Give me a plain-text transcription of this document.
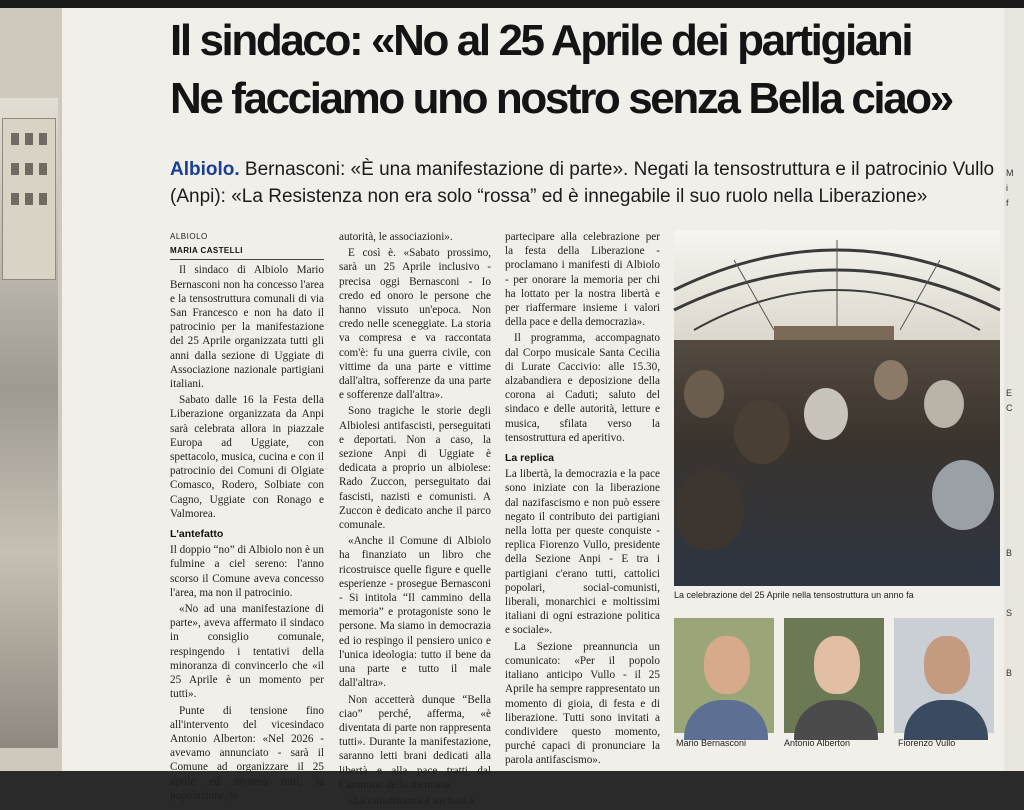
M
i
f
E
C
B
S
B
Il sindaco: «No al 25 Aprile dei partigiani
Ne facciamo uno nostro senza Bella ciao»
Albiolo. Bernasconi: «È una manifestazione di parte». Negati la tensostruttura e il patrocinio Vullo (Anpi): «La Resistenza non era solo “rossa” ed è innegabile il suo ruolo nella Liberazione»
ALBIOLO
MARIA CASTELLI

Il sindaco di Albiolo Mario Bernasconi non ha concesso l'area e la tensostruttura comunali di via San Francesco e non ha dato il patrocinio per la manifestazione del 25 Aprile organizzata tutti gli anni dalla sezione di Uggiate di Associazione nazionale partigiani italiani.

Sabato dalle 16 la Festa della Liberazione organizzata da Anpi sarà celebrata allora in piazzale Europa ad Uggiate, con spettacolo, musica, cucina e con il patrocinio dei Comuni di Olgiate Comasco, Rodero, Solbiate con Cagno, Uggiate con Ronago e Valmorea.

L'antefatto

Il doppio “no” di Albiolo non è un fulmine a ciel sereno: l'anno scorso il Comune aveva concesso l'area, ma non il patrocinio.

«No ad una manifestazione di parte», aveva affermato il sindaco in consiglio comunale, respingendo i tentativi della minoranza di convincerlo che «il 25 Aprile è un momento per tutti».

Punte di tensione fino all'intervento del vicesindaco Antonio Alberton: «Nel 2026 - avevamo annunciato - sarà il Comune ad organizzare il 25 aprile ed inviterà tutti, la popolazione, le

autorità, le associazioni».

E così è. «Sabato prossimo, sarà un 25 Aprile inclusivo - precisa oggi Bernasconi - Io credo ed onoro le persone che hanno vissuto un'epoca. Non credo nelle sceneggiate. La storia va compresa e va raccontata com'è: fu una guerra civile, con vittime da una parte e vittime dall'altra, sofferenze da una parte e sofferenze dall'altra».

Sono tragiche le storie degli Albiolesi antifascisti, perseguitati e deportati. Non a caso, la sezione Anpi di Uggiate è dedicata a proprio un albiolese: Rado Zuccon, perseguitato dai fascisti, nazisti e comunisti. A Zuccon è dedicato anche il parco comunale.

«Anche il Comune di Albiolo ha finanziato un libro che ricostruisce quelle figure e quelle esperienze - prosegue Bernasconi - Si intitola “Il cammino della memoria” e protagoniste sono le persone. Ma siamo in democrazia ed io respingo il pensiero unico e l'unica ideologia: tutto il bene da una parte e tutto il male dall'altra».

Non accetterà dunque “Bella ciao” perché, afferma, «è diventata di parte non rappresenta tutti». Durante la manifestazione, saranno letti brani dedicati alla libertà e alla pace tratti dal Cammino della memoria.

«La cittadinanza è invitata a

partecipare alla celebrazione per la festa della Liberazione - proclamano i manifesti di Albiolo - per onorare la memoria per chi ha lottato per la nostra libertà e per riaffermare insieme i valori della pace e della democrazia».

Il programma, accompagnato dal Corpo musicale Santa Cecilia di Lurate Caccivio: alle 15.30, alzabandiera e deposizione della corona ai Caduti; saluto del sindaco e delle autorità, letture e musica, sfilata verso la tensostruttura ed aperitivo.

La replica

La libertà, la democrazia e la pace sono iniziate con la liberazione dal nazifascismo e non può essere negato il contributo dei partigiani nella lotta per queste conquiste - replica Fiorenzo Vullo, presidente della Sezione Anpi - E tra i partigiani c'erano tutti, cattolici popolari, social-comunisti, liberali, monarchici e moltissimi italiani di ogni estrazione politica e sociale».

La Sezione preannuncia un comunicato: «Per il popolo italiano anticipo Vullo - il 25 Aprile ha sempre rappresentato un momento di gioia, di festa e di liberazione. Tutti sono invitati a condividere questo momento, purché capaci di pronunciare la parola antifascismo».

La celebrazione del 25 Aprile nella tensostruttura un anno fa
Mario Bernasconi	Antonio Alberton	Fiorenzo Vullo
